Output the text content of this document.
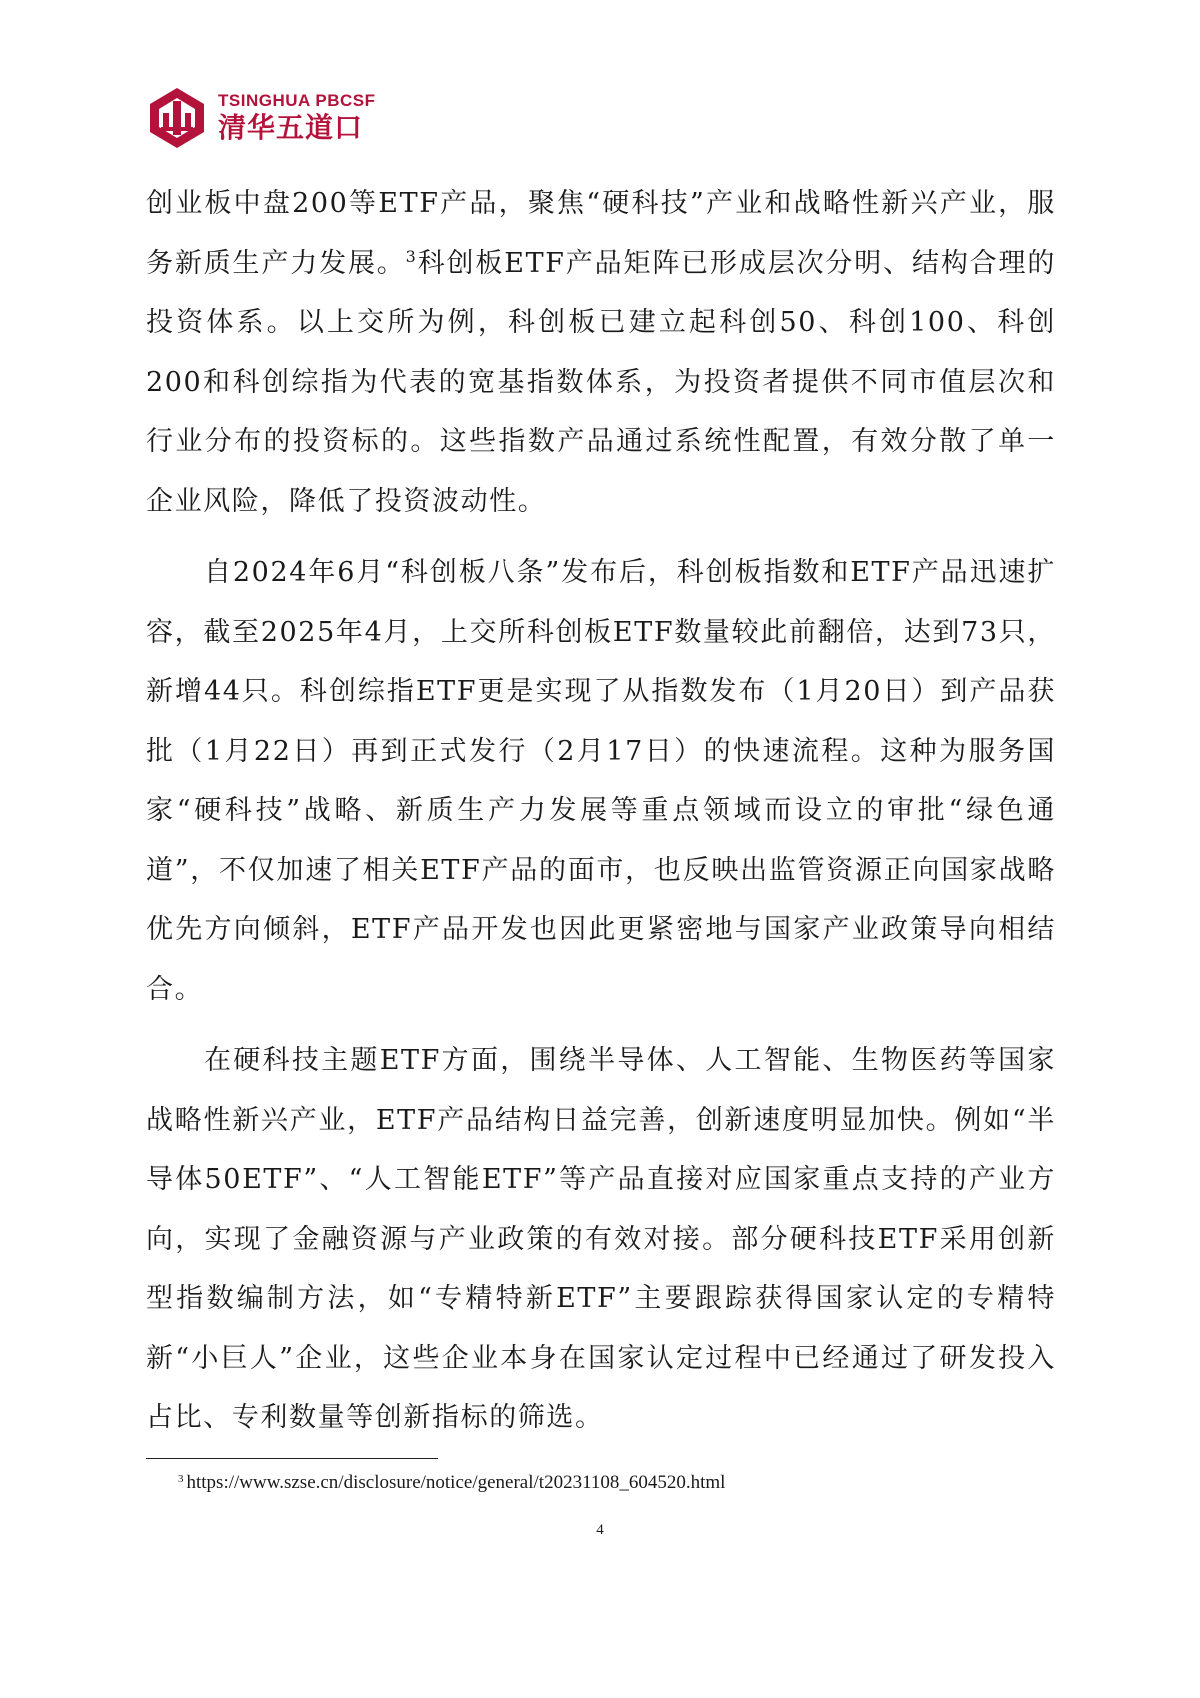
TSINGHUA PBCSF
清华五道口

创业板中盘200等ETF产品，聚焦“硬科技”产业和战略性新兴产业，服务新质生产力发展。$^3$科创板ETF产品矩阵已形成层次分明、结构合理的投资体系。以上交所为例，科创板已建立起科创50、科创100、科创200和科创综指为代表的宽基指数体系，为投资者提供不同市值层次和行业分布的投资标的。这些指数产品通过系统性配置，有效分散了单一企业风险，降低了投资波动性。

自2024年6月“科创板八条”发布后，科创板指数和ETF产品迅速扩容，截至2025年4月，上交所科创板ETF数量较此前翻倍，达到73只，新增44只。科创综指ETF更是实现了从指数发布（1月20日）到产品获批（1月22日）再到正式发行（2月17日）的快速流程。这种为服务国家“硬科技”战略、新质生产力发展等重点领域而设立的审批“绿色通道”，不仅加速了相关ETF产品的面市，也反映出监管资源正向国家战略优先方向倾斜，ETF产品开发也因此更紧密地与国家产业政策导向相结合。

在硬科技主题ETF方面，围绕半导体、人工智能、生物医药等国家战略性新兴产业，ETF产品结构日益完善，创新速度明显加快。例如“半导体50ETF”、“人工智能ETF”等产品直接对应国家重点支持的产业方向，实现了金融资源与产业政策的有效对接。部分硬科技ETF采用创新型指数编制方法，如“专精特新ETF”主要跟踪获得国家认定的专精特新“小巨人”企业，这些企业本身在国家认定过程中已经通过了研发投入占比、专利数量等创新指标的筛选。

$^3$ https://www.szse.cn/disclosure/notice/general/t20231108_604520.html
4
